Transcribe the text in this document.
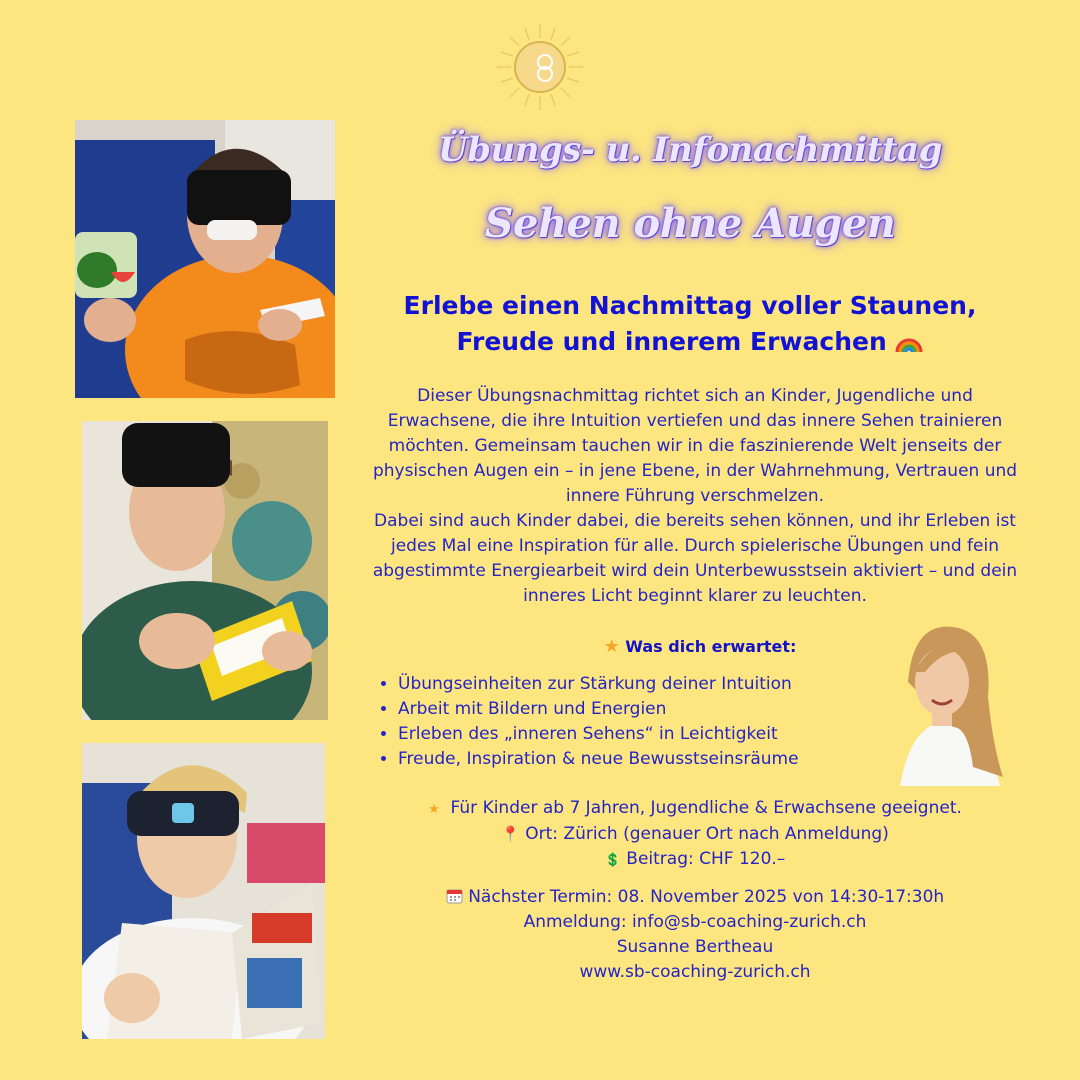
Übungs- u. Infonachmittag
Sehen ohne Augen
Erlebe einen Nachmittag voller Staunen, Freude und innerem Erwachen

Dieser Übungsnachmittag richtet sich an Kinder, Jugendliche und Erwachsene, die ihre Intuition vertiefen und das innere Sehen trainieren möchten. Gemeinsam tauchen wir in die faszinierende Welt jenseits der physischen Augen ein – in jene Ebene, in der Wahrnehmung, Vertrauen und innere Führung verschmelzen.

Dabei sind auch Kinder dabei, die bereits sehen können, und ihr Erleben ist jedes Mal eine Inspiration für alle. Durch spielerische Übungen und fein abgestimmte Energiearbeit wird dein Unterbewusstsein aktiviert – und dein inneres Licht beginnt klarer zu leuchten.

★ Was dich erwartet:
• Übungseinheiten zur Stärkung deiner Intuition
• Arbeit mit Bildern und Energien
• Erleben des „inneren Sehens“ in Leichtigkeit
• Freude, Inspiration & neue Bewusstseinsräume
★ Für Kinder ab 7 Jahren, Jugendliche & Erwachsene geeignet.
📍 Ort: Zürich (genauer Ort nach Anmeldung)
💲 Beitrag: CHF 120.–
Nächster Termin: 08. November 2025 von 14:30-17:30h
Anmeldung: info@sb-coaching-zurich.ch
Susanne Bertheau
www.sb-coaching-zurich.ch
